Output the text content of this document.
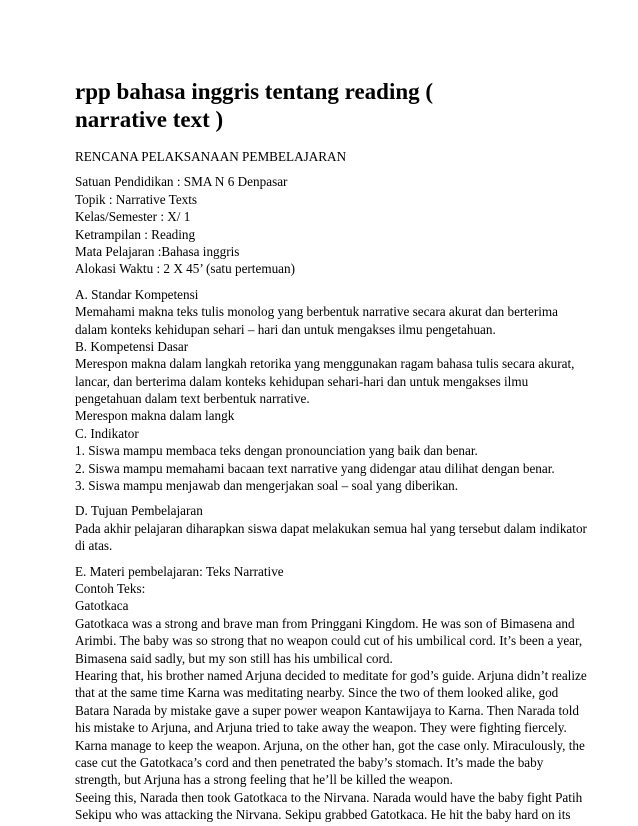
rpp bahasa inggris tentang reading (
narrative text )
RENCANA PELAKSANAAN PEMBELAJARAN
Satuan Pendidikan : SMA N 6 Denpasar
Topik : Narrative Texts
Kelas/Semester : X/ 1
Ketrampilan : Reading
Mata Pelajaran :Bahasa inggris
Alokasi Waktu : 2 X 45’ (satu pertemuan)
A. Standar Kompetensi
Memahami makna teks tulis monolog yang berbentuk narrative secara akurat dan berterima
dalam konteks kehidupan sehari – hari dan untuk mengakses ilmu pengetahuan.
B. Kompetensi Dasar
Merespon makna dalam langkah retorika yang menggunakan ragam bahasa tulis secara akurat,
lancar, dan berterima dalam konteks kehidupan sehari-hari dan untuk mengakses ilmu
pengetahuan dalam text berbentuk narrative.
Merespon makna dalam langk
C. Indikator
1. Siswa mampu membaca teks dengan pronounciation yang baik dan benar.
2. Siswa mampu memahami bacaan text narrative yang didengar atau dilihat dengan benar.
3. Siswa mampu menjawab dan mengerjakan soal – soal yang diberikan.
D. Tujuan Pembelajaran
Pada akhir pelajaran diharapkan siswa dapat melakukan semua hal yang tersebut dalam indikator
di atas.
E. Materi pembelajaran: Teks Narrative
Contoh Teks:
Gatotkaca
Gatotkaca was a strong and brave man from Pringgani Kingdom. He was son of Bimasena and
Arimbi. The baby was so strong that no weapon could cut of his umbilical cord. It’s been a year,
Bimasena said sadly, but my son still has his umbilical cord.
Hearing that, his brother named Arjuna decided to meditate for god’s guide. Arjuna didn’t realize
that at the same time Karna was meditating nearby. Since the two of them looked alike, god
Batara Narada by mistake gave a super power weapon Kantawijaya to Karna. Then Narada told
his mistake to Arjuna, and Arjuna tried to take away the weapon. They were fighting fiercely.
Karna manage to keep the weapon. Arjuna, on the other han, got the case only. Miraculously, the
case cut the Gatotkaca’s cord and then penetrated the baby’s stomach. It’s made the baby
strength, but Arjuna has a strong feeling that he’ll be killed the weapon.
Seeing this, Narada then took Gatotkaca to the Nirvana. Narada would have the baby fight Patih
Sekipu who was attacking the Nirvana. Sekipu grabbed Gatotkaca. He hit the baby hard on its
